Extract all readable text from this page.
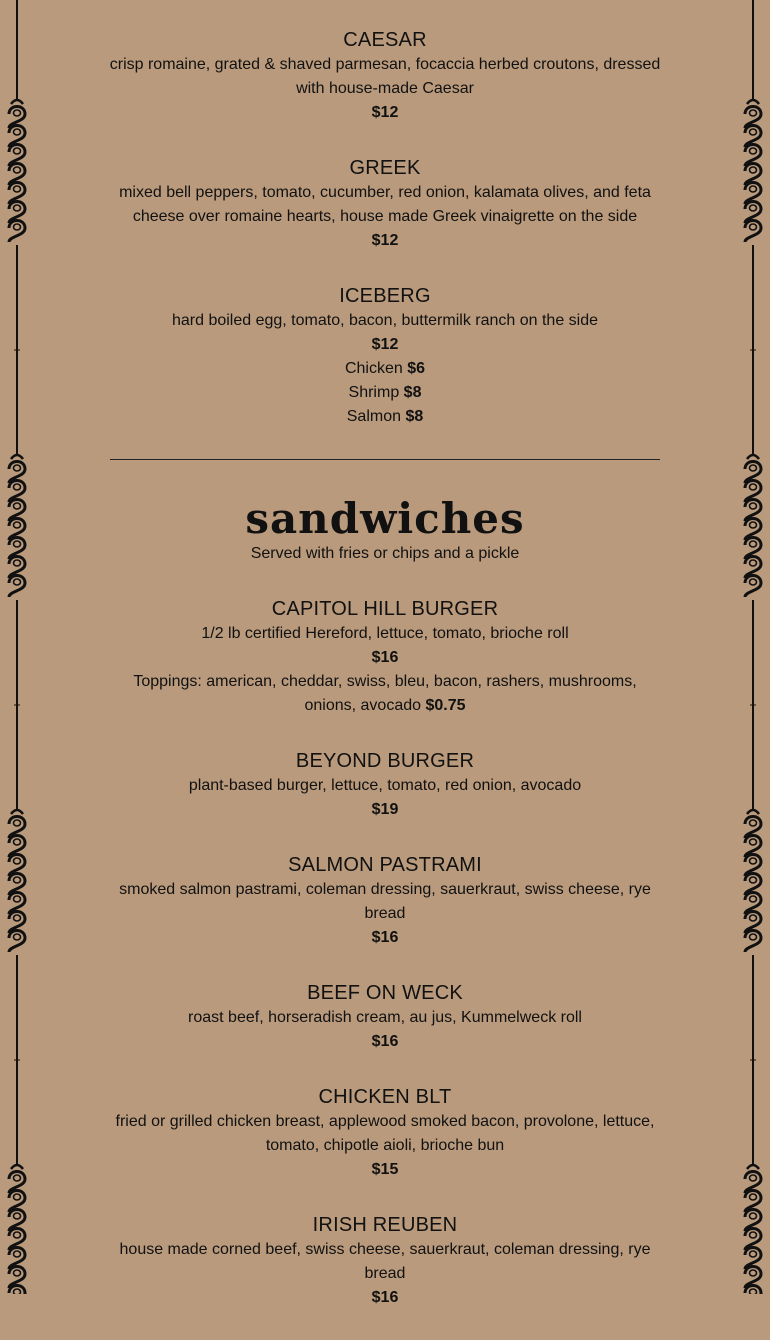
CAESAR

crisp romaine, grated & shaved parmesan, focaccia herbed croutons, dressed with house-made Caesar

$12

GREEK

mixed bell peppers, tomato, cucumber, red onion, kalamata olives, and feta cheese over romaine hearts, house made Greek vinaigrette on the side

$12

ICEBERG

hard boiled egg, tomato, bacon, buttermilk ranch on the side

$12

Chicken $6

Shrimp $8

Salmon $8

sandwiches

Served with fries or chips and a pickle

CAPITOL HILL BURGER

1/2 lb certified Hereford, lettuce, tomato, brioche roll

$16

Toppings: american, cheddar, swiss, bleu, bacon, rashers, mushrooms, onions, avocado $0.75

BEYOND BURGER

plant-based burger, lettuce, tomato, red onion, avocado

$19

SALMON PASTRAMI

smoked salmon pastrami, coleman dressing, sauerkraut, swiss cheese, rye bread

$16

BEEF ON WECK

roast beef, horseradish cream, au jus, Kummelweck roll

$16

CHICKEN BLT

fried or grilled chicken breast, applewood smoked bacon, provolone, lettuce, tomato, chipotle aioli, brioche bun

$15

IRISH REUBEN

house made corned beef, swiss cheese, sauerkraut, coleman dressing, rye bread

$16
